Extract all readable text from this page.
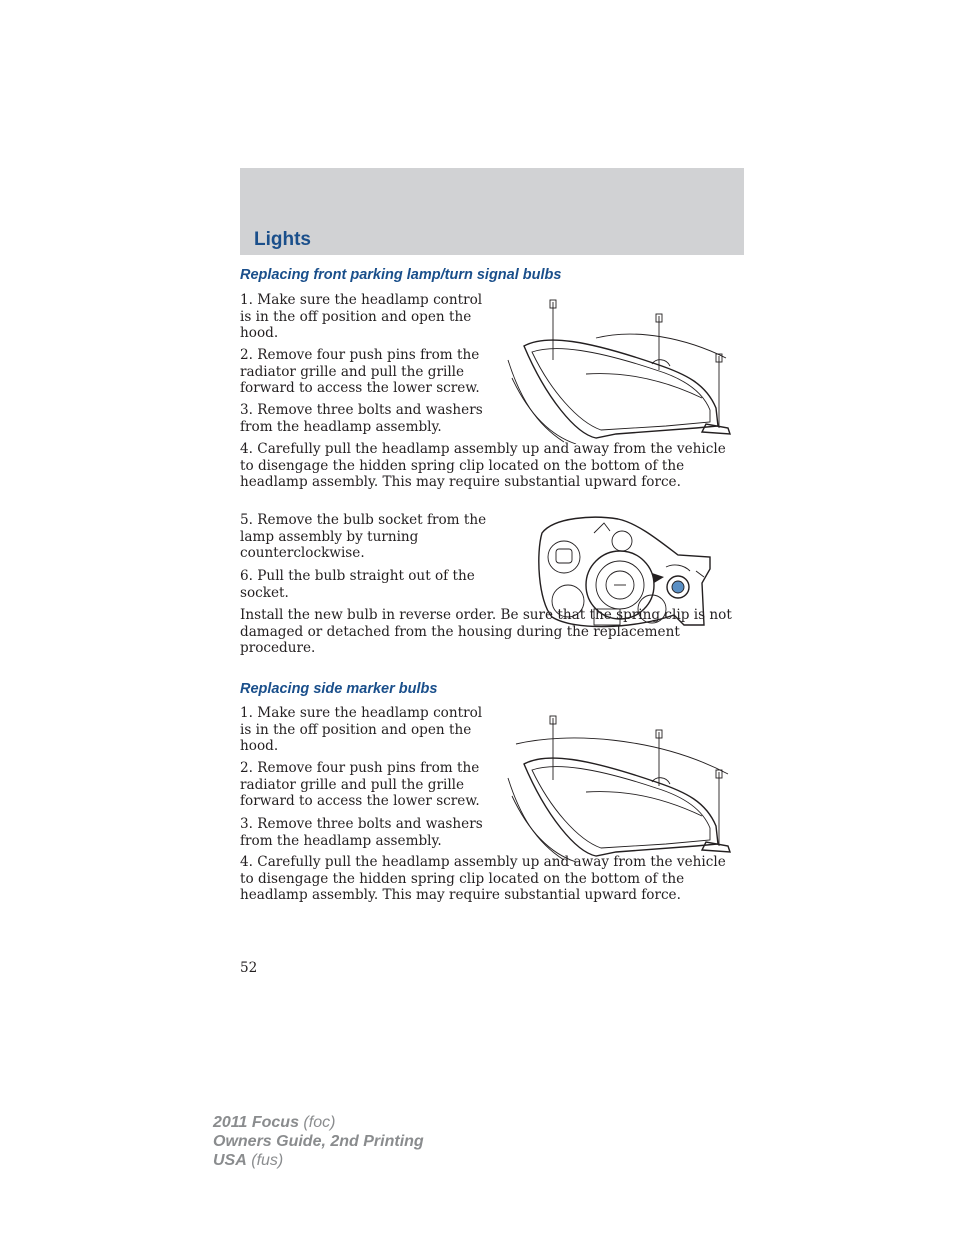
Lights
Replacing front parking lamp/turn signal bulbs

1. Make sure the headlamp control is in the off position and open the hood.

2. Remove four push pins from the radiator grille and pull the grille forward to access the lower screw.

3. Remove three bolts and washers from the headlamp assembly.

4. Carefully pull the headlamp assembly up and away from the vehicle to disengage the hidden spring clip located on the bottom of the headlamp assembly. This may require substantial upward force.

5. Remove the bulb socket from the lamp assembly by turning counterclockwise.

6. Pull the bulb straight out of the socket.

Install the new bulb in reverse order. Be sure that the spring clip is not damaged or detached from the housing during the replacement procedure.

Replacing side marker bulbs

1. Make sure the headlamp control is in the off position and open the hood.

2. Remove four push pins from the radiator grille and pull the grille forward to access the lower screw.

3. Remove three bolts and washers from the headlamp assembly.

4. Carefully pull the headlamp assembly up and away from the vehicle to disengage the hidden spring clip located on the bottom of the headlamp assembly. This may require substantial upward force.

52
2011 Focus (foc)
Owners Guide, 2nd Printing
USA (fus)
